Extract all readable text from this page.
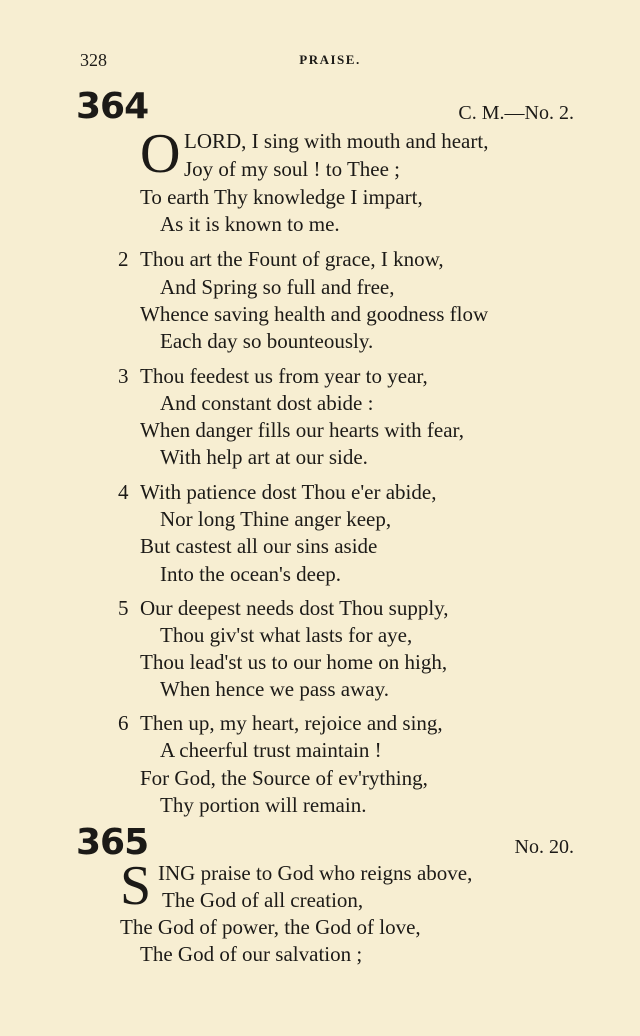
328	PRAISE.
364	C. M.—No. 2.
O LORD, I sing with mouth and heart,
Joy of my soul ! to Thee ;
To earth Thy knowledge I impart,
As it is known to me.
2 Thou art the Fount of grace, I know,
And Spring so full and free,
Whence saving health and goodness flow
Each day so bounteously.
3 Thou feedest us from year to year,
And constant dost abide :
When danger fills our hearts with fear,
With help art at our side.
4 With patience dost Thou e'er abide,
Nor long Thine anger keep,
But castest all our sins aside
Into the ocean's deep.
5 Our deepest needs dost Thou supply,
Thou giv'st what lasts for aye,
Thou lead'st us to our home on high,
When hence we pass away.
6 Then up, my heart, rejoice and sing,
A cheerful trust maintain !
For God, the Source of ev'rything,
Thy portion will remain.
365	No. 20.
S ING praise to God who reigns above,
The God of all creation,
The God of power, the God of love,
The God of our salvation ;
